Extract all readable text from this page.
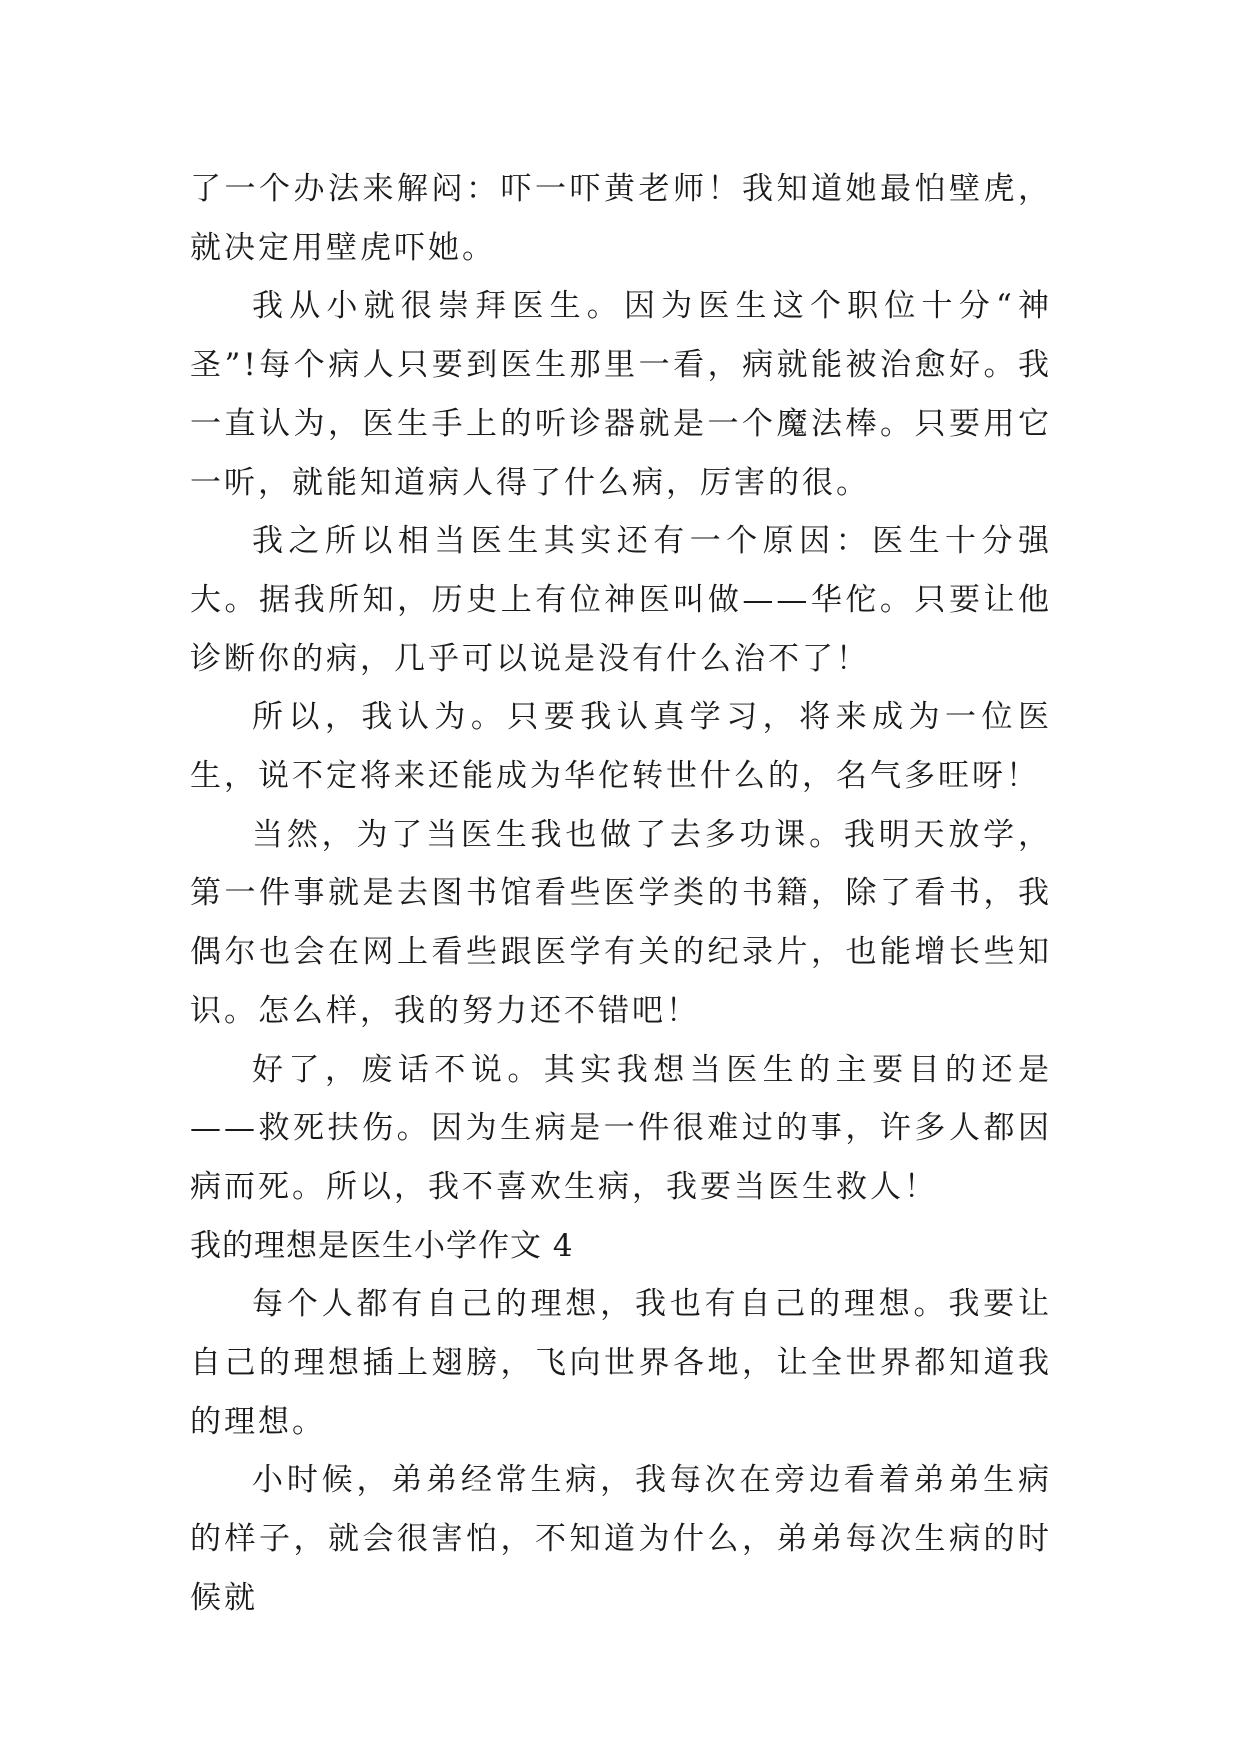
了一个办法来解闷：吓一吓黄老师！我知道她最怕壁虎，就决定用壁虎吓她。

我从小就很崇拜医生。因为医生这个职位十分“神圣”!每个病人只要到医生那里一看，病就能被治愈好。我一直认为，医生手上的听诊器就是一个魔法棒。只要用它一听，就能知道病人得了什么病，厉害的很。

我之所以相当医生其实还有一个原因：医生十分强大。据我所知，历史上有位神医叫做——华佗。只要让他诊断你的病，几乎可以说是没有什么治不了！

所以，我认为。只要我认真学习，将来成为一位医生，说不定将来还能成为华佗转世什么的，名气多旺呀！

当然，为了当医生我也做了去多功课。我明天放学，第一件事就是去图书馆看些医学类的书籍，除了看书，我偶尔也会在网上看些跟医学有关的纪录片，也能增长些知识。怎么样，我的努力还不错吧！

好了，废话不说。其实我想当医生的主要目的还是——救死扶伤。因为生病是一件很难过的事，许多人都因病而死。所以，我不喜欢生病，我要当医生救人！

我的理想是医生小学作文 4

每个人都有自己的理想，我也有自己的理想。我要让自己的理想插上翅膀，飞向世界各地，让全世界都知道我的理想。

小时候，弟弟经常生病，我每次在旁边看着弟弟生病的样子，就会很害怕，不知道为什么，弟弟每次生病的时候就
